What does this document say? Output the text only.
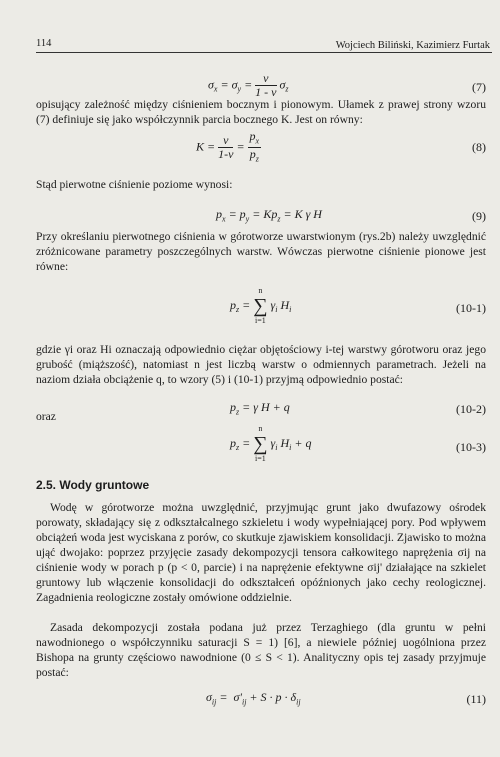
114	Wojciech Biliński, Kazimierz Furtak
$\sigma_x = \sigma_y = \frac{\nu}{1 - \nu} \sigma_z$	(7)
opisujący zależność między ciśnieniem bocznym i pionowym. Ułamek z prawej strony wzoru (7) definiuje się jako współczynnik parcia bocznego K. Jest on równy:
$K = \frac{\nu}{1-\nu} = \frac{p_x}{p_z}$	(8)
Stąd pierwotne ciśnienie poziome wynosi:
$p_x = p_y = Kp_z = K$ γ H	(9)
Przy określaniu pierwotnego ciśnienia w górotworze uwarstwionym (rys.2b) należy uwzględnić zróżnicowane parametry poszczególnych warstw. Wówczas pierwotne ciśnienie pionowe jest równe:
$p_z$ =
n
∑
i=1
$\gamma_i$ $H_i$	(10-1)
gdzie γi oraz Hi oznaczają odpowiednio ciężar objętościowy i-tej warstwy górotworu oraz jego grubość (miąższość), natomiast n jest liczbą warstw o odmiennych parametrach. Jeżeli na naziom działa obciążenie q, to wzory (5) i (10-1) przyjmą odpowiednio postać:
$p_z = \gamma$ H + q	(10-2)
oraz
$p_z$ =
n
∑
i=1
$\gamma_i$ $H_i + q$	(10-3)
2.5. Wody gruntowe
Wodę w górotworze można uwzględnić, przyjmując grunt jako dwufazowy ośrodek porowaty, składający się z odkształcalnego szkieletu i wody wypełniającej pory. Pod wpływem obciążeń woda jest wyciskana z porów, co skutkuje zjawiskiem konsolidacji. Zjawisko to można ująć dwojako: poprzez przyjęcie zasady dekompozycji tensora całkowitego naprężenia σij na ciśnienie wody w porach p (p < 0, parcie) i na naprężenie efektywne σij' działające na szkielet gruntowy lub włączenie konsolidacji do odkształceń opóźnionych jako cechy reologicznej. Zagadnienia reologiczne zostały omówione oddzielnie.
Zasada dekompozycji została podana już przez Terzaghiego (dla gruntu w pełni nawodnionego o współczynniku saturacji S = 1) [6], a niewiele później uogólniona przez Bishopa na grunty częściowo nawodnione (0 ≤ S < 1). Analityczny opis tej zasady przyjmuje postać:
$\sigma_{ij} = \sigma'_{ij} + S \cdot p \cdot \delta_{ij}$	(11)
